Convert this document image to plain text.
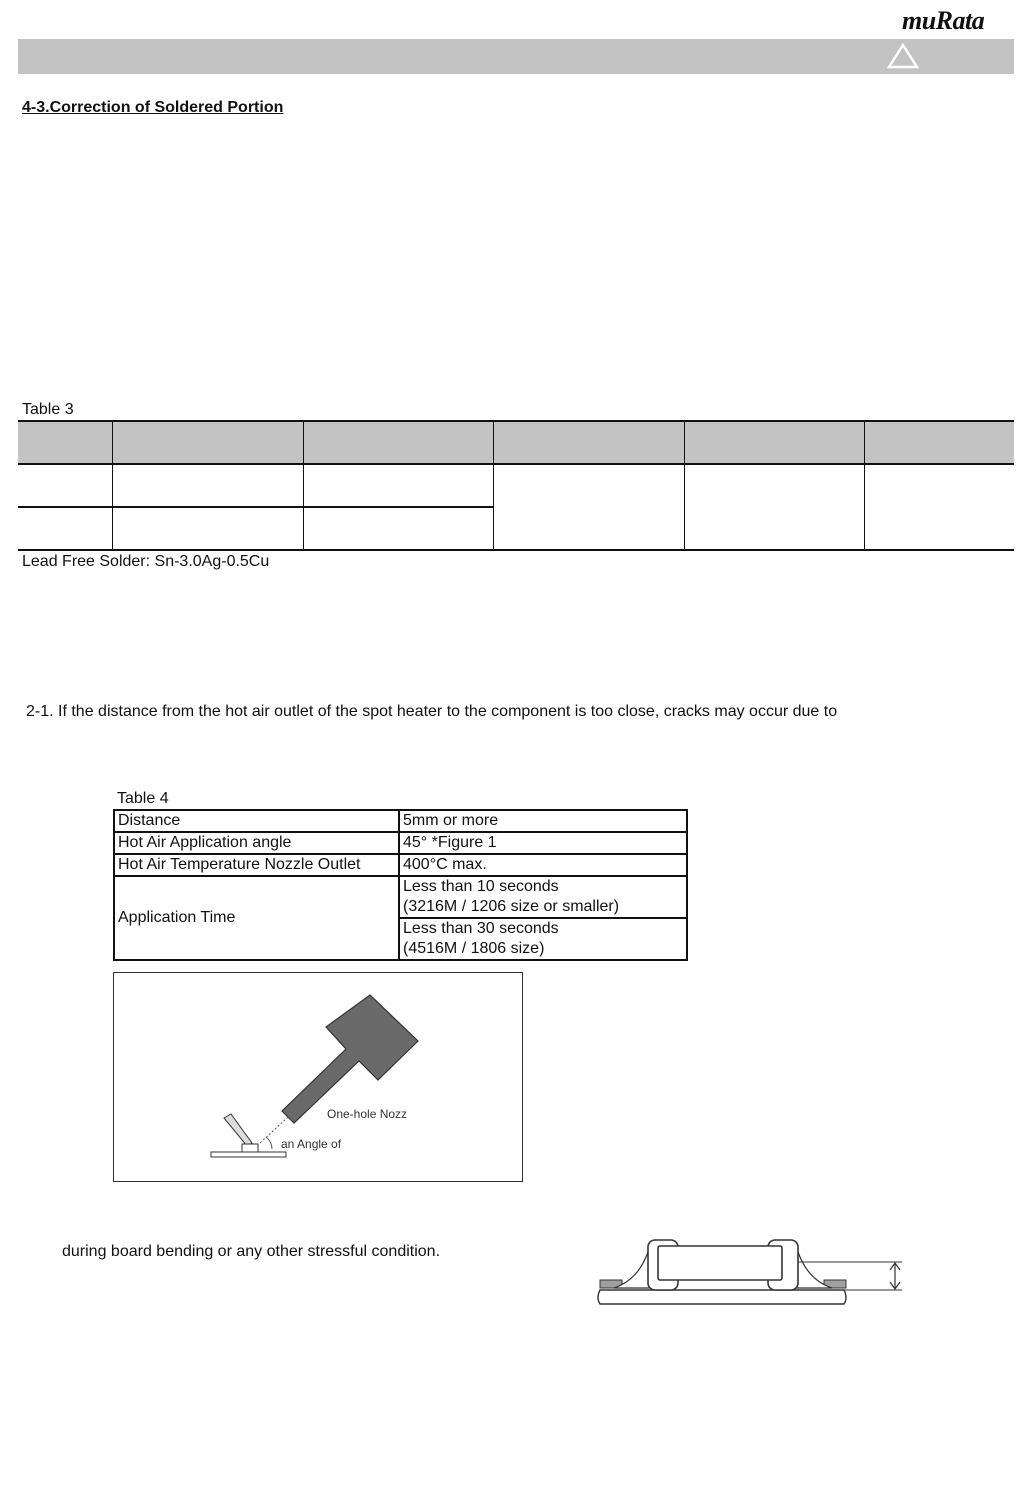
muRata
4-3.Correction of Soldered Portion
Table 3

Lead Free Solder: Sn-3.0Ag-0.5Cu
2-1. If the distance from the hot air outlet of the spot heater to the component is too close, cracks may occur due to
Table 4
Distance	5mm or more
Hot Air Application angle	45° *Figure 1
Hot Air Temperature Nozzle Outlet	400°C max.
Application Time	Less than 10 seconds
(3216M / 1206 size or smaller)

	Less than 30 seconds
(4516M / 1806 size)
One-hole Nozz
an Angle of
during board bending or any other stressful condition.
